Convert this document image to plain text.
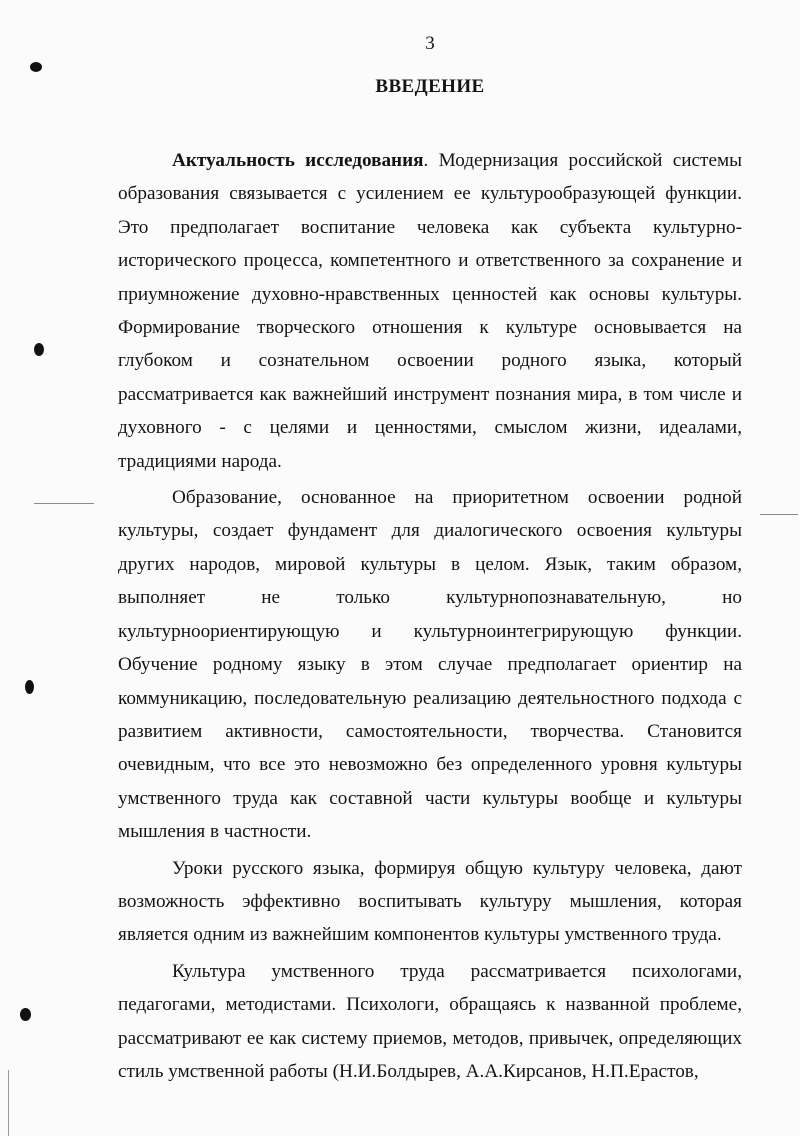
3
ВВЕДЕНИЕ

Актуальность исследования. Модернизация российской системы образования связывается с усилением ее культурообразующей функции. Это предполагает воспитание человека как субъекта культурно-исторического процесса, компетентного и ответственного за сохранение и приумножение духовно-нравственных ценностей как основы культуры. Формирование творческого отношения к культуре основывается на глубоком и сознательном освоении родного языка, который рассматривается как важнейший инструмент познания мира, в том числе и духовного - с целями и ценностями, смыслом жизни, идеалами, традициями народа.

Образование, основанное на приоритетном освоении родной культуры, создает фундамент для диалогического освоения культуры других народов, мировой культуры в целом. Язык, таким образом, выполняет не только культурнопознавательную, но культурноориентирующую и культурноинтегрирующую функции. Обучение родному языку в этом случае предполагает ориентир на коммуникацию, последовательную реализацию деятельностного подхода с развитием активности, самостоятельности, творчества. Становится очевидным, что все это невозможно без определенного уровня культуры умственного труда как составной части культуры вообще и культуры мышления в частности.

Уроки русского языка, формируя общую культуру человека, дают возможность эффективно воспитывать культуру мышления, которая является одним из важнейшим компонентов культуры умственного труда.

Культура умственного труда рассматривается психологами, педагогами, методистами. Психологи, обращаясь к названной проблеме, рассматривают ее как систему приемов, методов, привычек, определяющих стиль умственной работы (Н.И.Болдырев, А.А.Кирсанов, Н.П.Ерастов,
